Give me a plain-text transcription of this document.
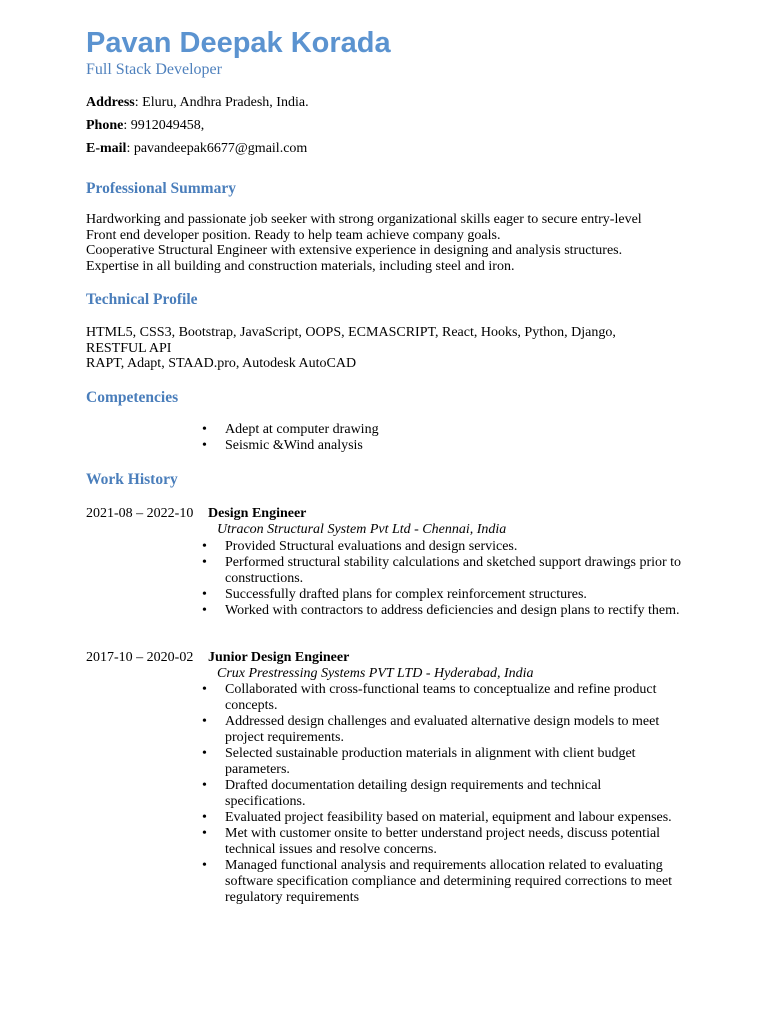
Pavan Deepak Korada
Full Stack Developer
Address: Eluru, Andhra Pradesh, India.
Phone: 9912049458,
E-mail: pavandeepak6677@gmail.com
Professional Summary
Hardworking and passionate job seeker with strong organizational skills eager to secure entry-level
Front end developer position. Ready to help team achieve company goals.
Cooperative Structural Engineer with extensive experience in designing and analysis structures.
Expertise in all building and construction materials, including steel and iron.
Technical Profile
HTML5, CSS3, Bootstrap, JavaScript, OOPS, ECMASCRIPT, React, Hooks, Python, Django,
RESTFUL API
RAPT, Adapt, STAAD.pro, Autodesk AutoCAD
Competencies
• Adept at computer drawing
• Seismic &Wind analysis
Work History
2021-08 – 2022-10 Design Engineer
Utracon Structural System Pvt Ltd - Chennai, India
• Provided Structural evaluations and design services.
• Performed structural stability calculations and sketched support drawings prior to constructions.
• Successfully drafted plans for complex reinforcement structures.
• Worked with contractors to address deficiencies and design plans to rectify them.
2017-10 – 2020-02 Junior Design Engineer
Crux Prestressing Systems PVT LTD - Hyderabad, India
• Collaborated with cross-functional teams to conceptualize and refine product concepts.
• Addressed design challenges and evaluated alternative design models to meet project requirements.
• Selected sustainable production materials in alignment with client budget parameters.
• Drafted documentation detailing design requirements and technical specifications.
• Evaluated project feasibility based on material, equipment and labour expenses.
• Met with customer onsite to better understand project needs, discuss potential technical issues and resolve concerns.
• Managed functional analysis and requirements allocation related to evaluating software specification compliance and determining required corrections to meet regulatory requirements
